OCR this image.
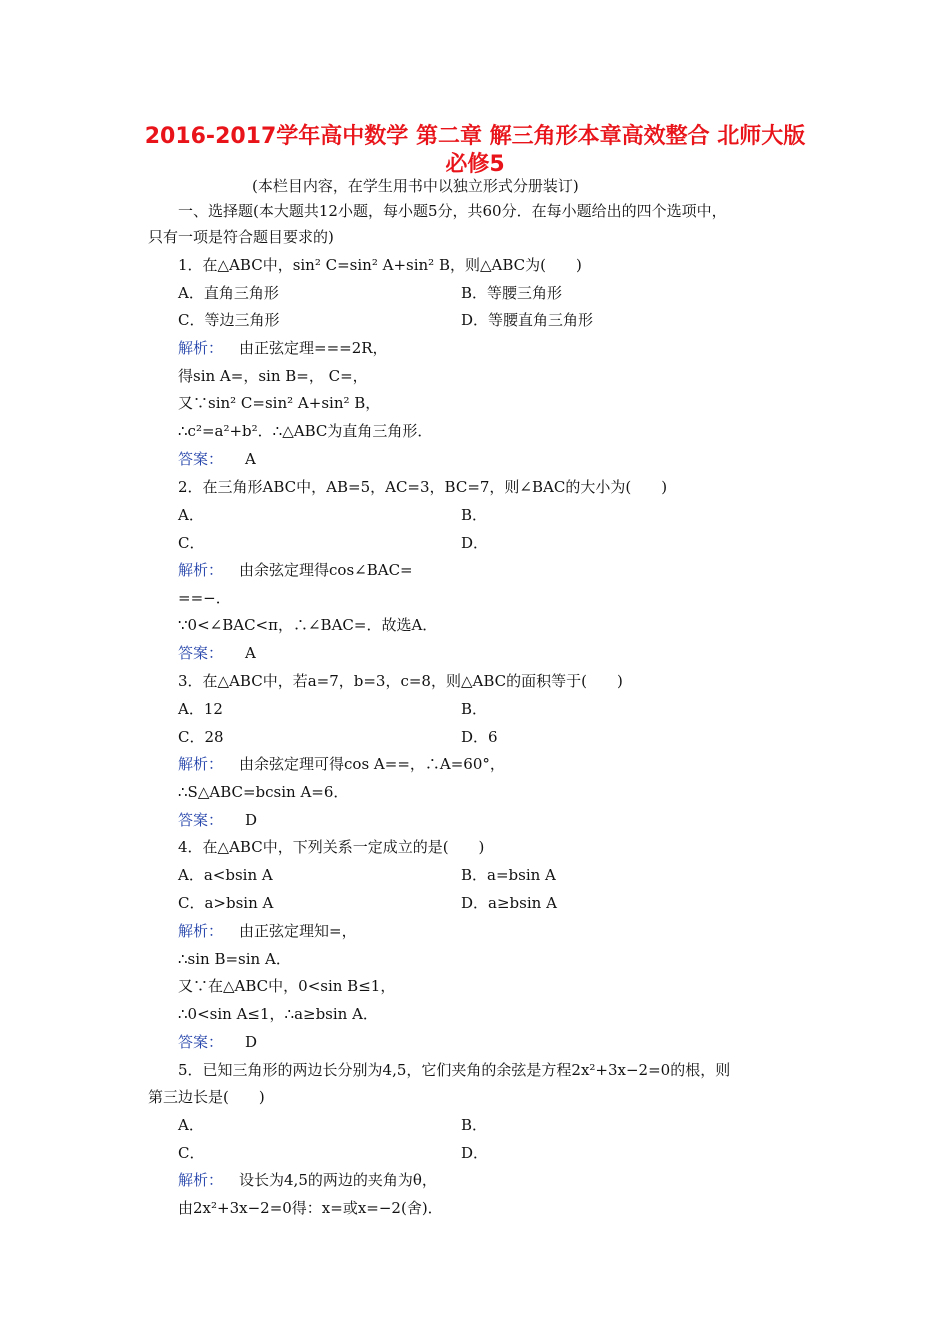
2016-2017学年高中数学 第二章 解三角形本章高效整合 北师大版
必修5
(本栏目内容，在学生用书中以独立形式分册装订)
一、选择题(本大题共12小题，每小题5分，共60分．在每小题给出的四个选项中，
只有一项是符合题目要求的)
1．在△ABC中，sin² C=sin² A+sin² B，则△ABC为(　　)
A．直角三角形	B．等腰三角形
C．等边三角形	D．等腰直角三角形
解析： 由正弦定理===2R，
得sin A=，sin B=， C=，
又∵sin² C=sin² A+sin² B，
∴c²=a²+b²．∴△ABC为直角三角形．
答案： A
2．在三角形ABC中，AB=5，AC=3，BC=7，则∠BAC的大小为(　　)
A．	B．
C．	D．
解析： 由余弦定理得cos∠BAC=
==−．
∵0<∠BAC<π，∴∠BAC=．故选A．
答案： A
3．在△ABC中，若a=7，b=3，c=8，则△ABC的面积等于(　　)
A．12	B．
C．28	D．6
解析： 由余弦定理可得cos A==，∴A=60°，
∴S△ABC=bcsin A=6．
答案： D
4．在△ABC中，下列关系一定成立的是(　　)
A．a<bsin A	B．a=bsin A
C．a>bsin A	D．a≥bsin A
解析： 由正弦定理知=，
∴sin B=sin A．
又∵在△ABC中，0<sin B≤1，
∴0<sin A≤1，∴a≥bsin A．
答案： D
5．已知三角形的两边长分别为4,5，它们夹角的余弦是方程2x²+3x−2=0的根，则
第三边长是(　　)
A．	B．
C．	D．
解析： 设长为4,5的两边的夹角为θ，
由2x²+3x−2=0得：x=或x=−2(舍)．
